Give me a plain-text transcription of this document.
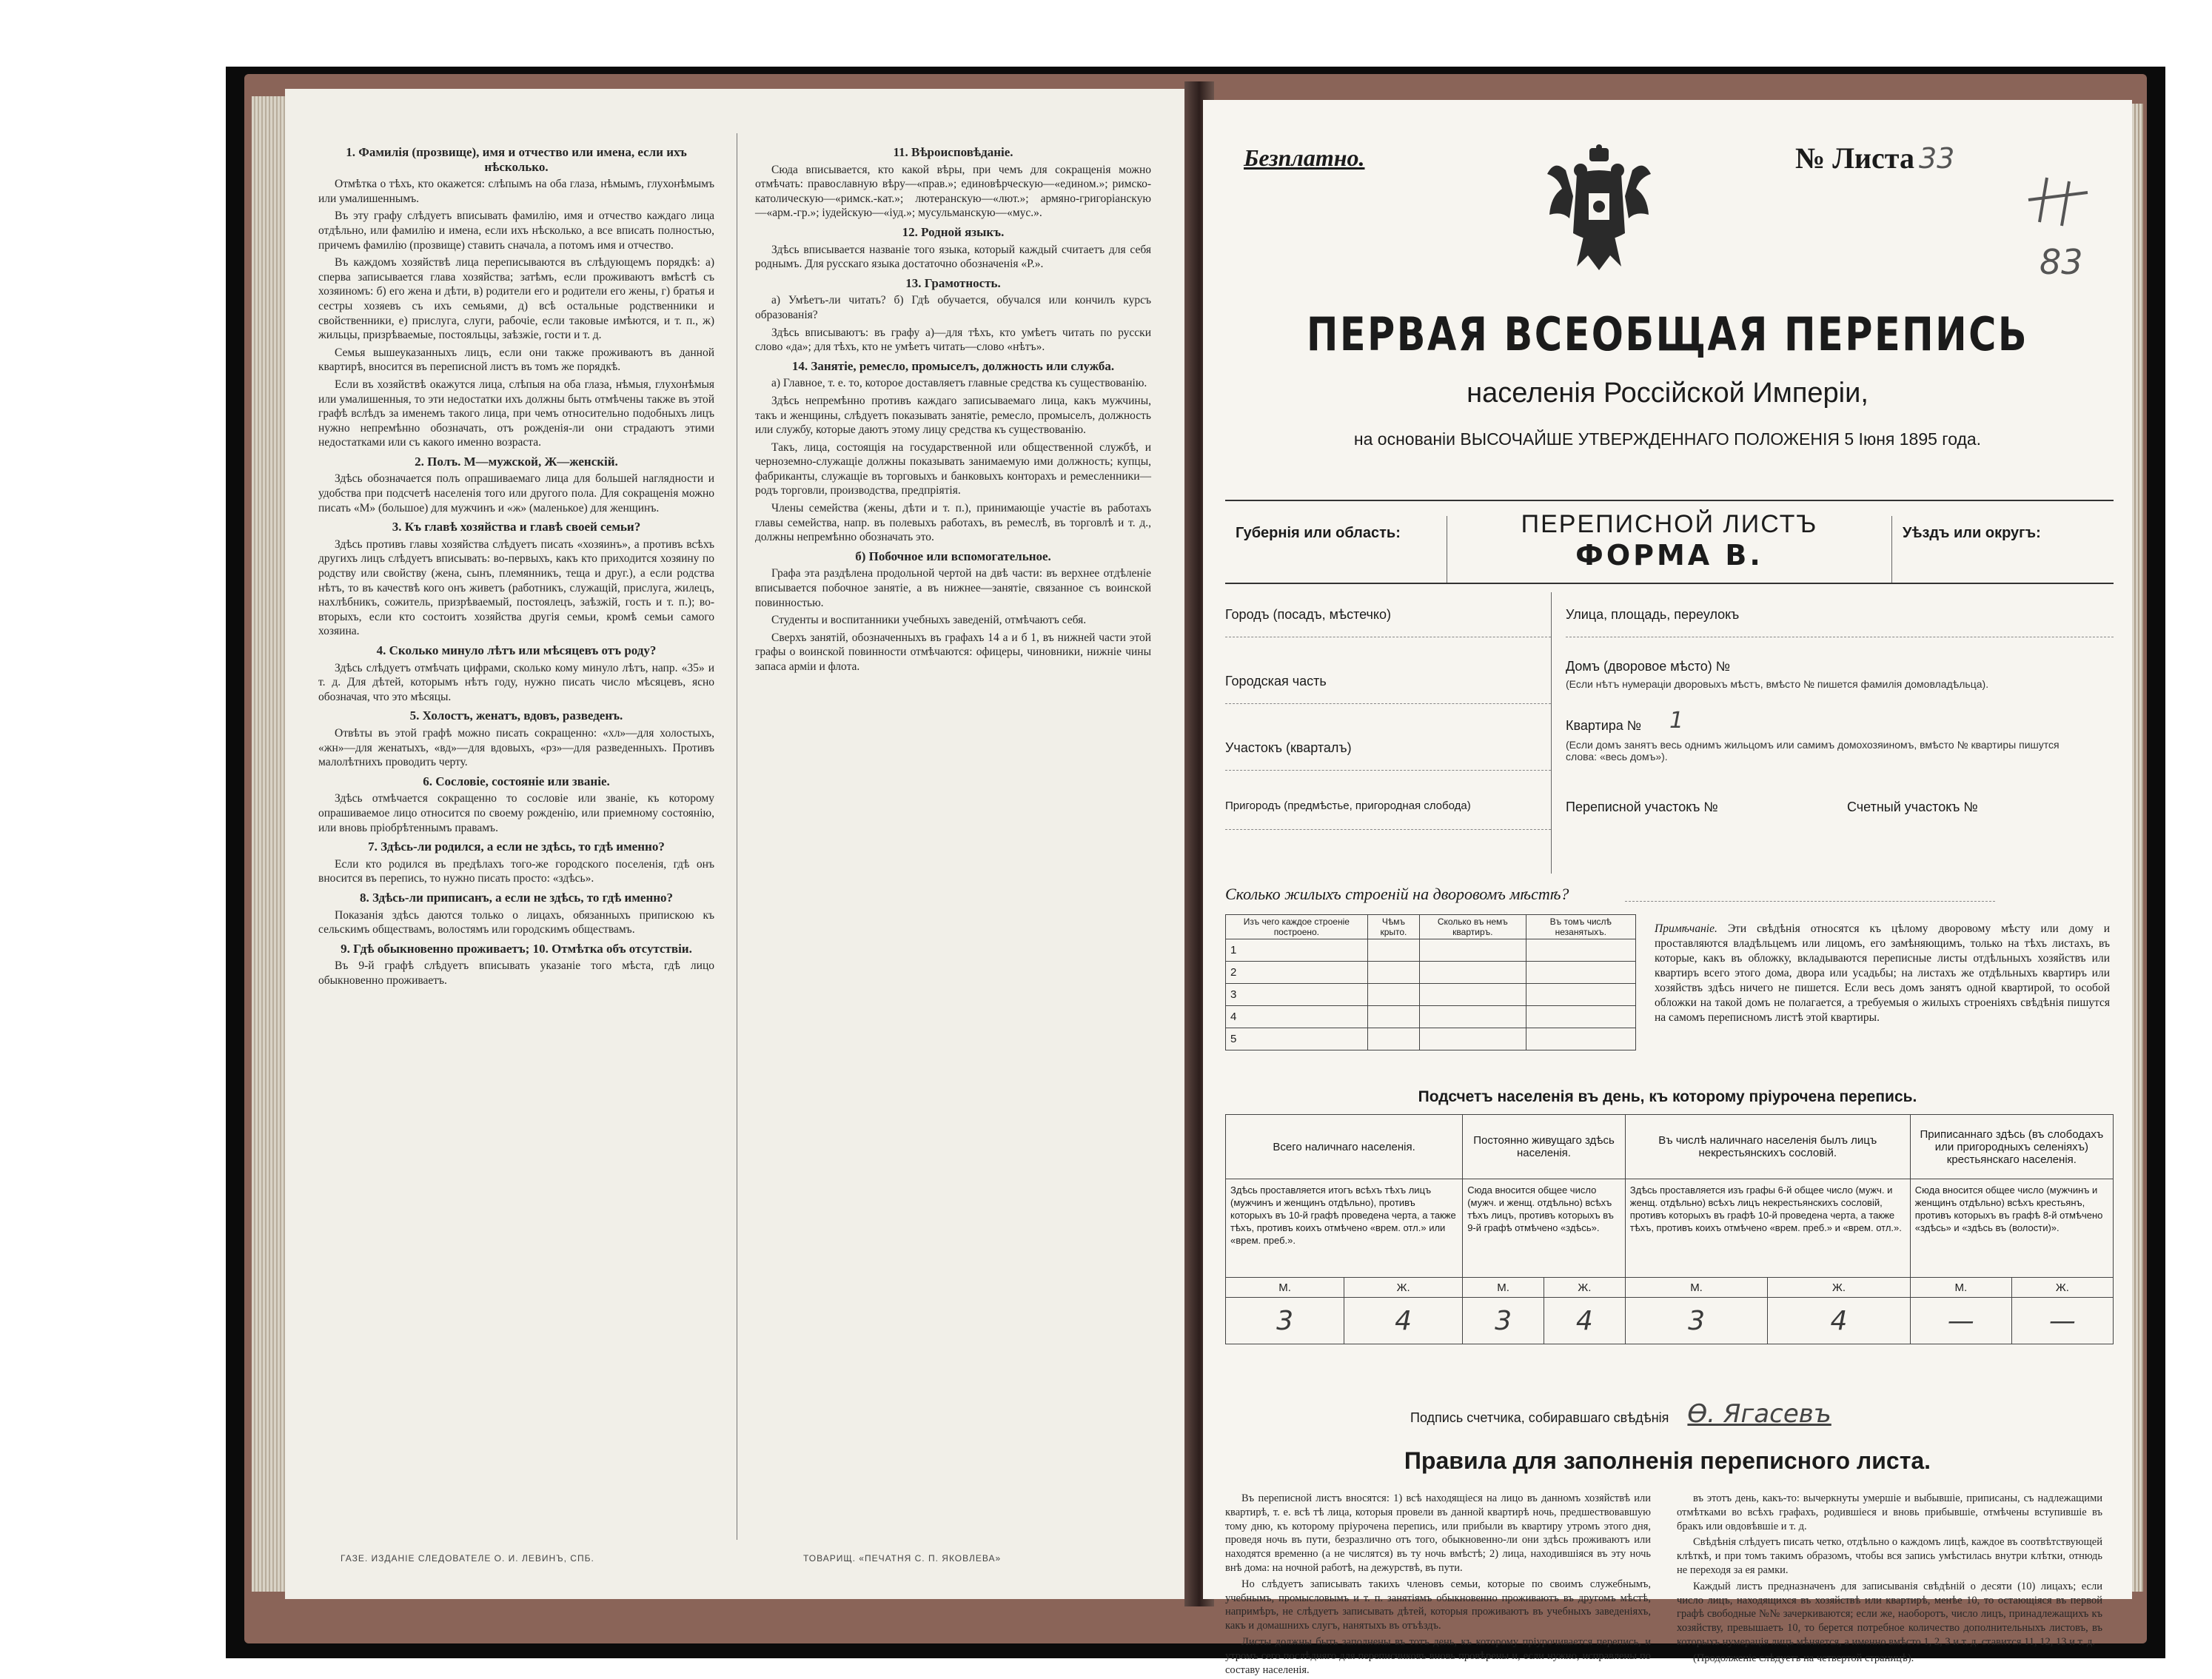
1. Фамилія (прозвище), имя и отчество или имена, если ихъ нѣсколько.

Отмѣтка о тѣхъ, кто окажется: слѣпымъ на оба глаза, нѣмымъ, глухонѣмымъ или умалишеннымъ.

Въ эту графу слѣдуетъ вписывать фамилію, имя и отчество каждаго лица отдѣльно, или фамилію и имена, если ихъ нѣсколько, а все вписать полностью, причемъ фамилію (прозвище) ставить сначала, а потомъ имя и отчество.

Въ каждомъ хозяйствѣ лица переписываются въ слѣдующемъ порядкѣ: а) сперва записывается глава хозяйства; затѣмъ, если проживаютъ вмѣстѣ съ хозяиномъ: б) его жена и дѣти, в) родители его и родители его жены, г) братья и сестры хозяевъ съ ихъ семьями, д) всѣ остальные родственники и свойственники, е) прислуга, слуги, рабочіе, если таковые имѣются, и т. п., ж) жильцы, призрѣваемые, постояльцы, заѣзжіе, гости и т. д.

Семья вышеуказанныхъ лицъ, если они также проживаютъ въ данной квартирѣ, вносится въ переписной листъ въ томъ же порядкѣ.

Если въ хозяйствѣ окажутся лица, слѣпыя на оба глаза, нѣмыя, глухонѣмыя или умалишенныя, то эти недостатки ихъ должны быть отмѣчены также въ этой графѣ вслѣдъ за именемъ такого лица, при чемъ относительно подобныхъ лицъ нужно непремѣнно обозначать, отъ рожденія-ли они страдаютъ этими недостатками или съ какого именно возраста.

2. Полъ. М—мужской, Ж—женскій.

Здѣсь обозначается полъ опрашиваемаго лица для большей наглядности и удобства при подсчетѣ населенія того или другого пола. Для сокращенія можно писать «М» (большое) для мужчинъ и «ж» (маленькое) для женщинъ.

3. Къ главѣ хозяйства и главѣ своей семьи?

Здѣсь противъ главы хозяйства слѣдуетъ писать «хозяинъ», а противъ всѣхъ другихъ лицъ слѣдуетъ вписывать: во-первыхъ, какъ кто приходится хозяину по родству или свойству (жена, сынъ, племянникъ, теща и друг.), а если родства нѣтъ, то въ качествѣ кого онъ живетъ (работникъ, служащій, прислуга, жилецъ, нахлѣбникъ, сожитель, призрѣваемый, постоялецъ, заѣзжій, гость и т. п.); во-вторыхъ, если кто состоитъ хозяйства другія семьи, кромѣ семьи самого хозяина.

4. Сколько минуло лѣтъ или мѣсяцевъ отъ роду?

Здѣсь слѣдуетъ отмѣчать цифрами, сколько кому минуло лѣтъ, напр. «35» и т. д. Для дѣтей, которымъ нѣтъ году, нужно писать число мѣсяцевъ, ясно обозначая, что это мѣсяцы.

5. Холостъ, женатъ, вдовъ, разведенъ.

Отвѣты въ этой графѣ можно писать сокращенно: «хл»—для холостыхъ, «жн»—для женатыхъ, «вд»—для вдовыхъ, «рз»—для разведенныхъ. Противъ малолѣтнихъ проводить черту.

6. Сословіе, состояніе или званіе.

Здѣсь отмѣчается сокращенно то сословіе или званіе, къ которому опрашиваемое лицо относится по своему рожденію, или приемному состоянію, или вновь пріобрѣтеннымъ правамъ.

7. Здѣсь-ли родился, а если не здѣсь, то гдѣ именно?

Если кто родился въ предѣлахъ того-же городского поселенія, гдѣ онъ вносится въ перепись, то нужно писать просто: «здѣсь».

8. Здѣсь-ли приписанъ, а если не здѣсь, то гдѣ именно?

Показанія здѣсь даются только о лицахъ, обязанныхъ припискою къ сельскимъ обществамъ, волостямъ или городскимъ обществамъ.

9. Гдѣ обыкновенно проживаетъ; 10. Отмѣтка объ отсутствіи.

Въ 9-й графѣ слѣдуетъ вписывать указаніе того мѣста, гдѣ лицо обыкновенно проживаетъ.

11. Вѣроисповѣданіе.

Сюда вписывается, кто какой вѣры, при чемъ для сокращенія можно отмѣчать: православную вѣру—«прав.»; единовѣрческую—«едином.»; римско-католическую—«римск.-кат.»; лютеранскую—«лют.»; армяно-григоріанскую—«арм.-гр.»; іудейскую—«іуд.»; мусульманскую—«мус.».

12. Родной языкъ.

Здѣсь вписывается названіе того языка, который каждый считаетъ для себя роднымъ. Для русскаго языка достаточно обозначенія «Р.».

13. Грамотность.

а) Умѣетъ-ли читать? б) Гдѣ обучается, обучался или кончилъ курсъ образованія?

Здѣсь вписываютъ: въ графу а)—для тѣхъ, кто умѣетъ читать по русски слово «да»; для тѣхъ, кто не умѣетъ читать—слово «нѣтъ».

14. Занятіе, ремесло, промыселъ, должность или служба.

а) Главное, т. е. то, которое доставляетъ главные средства къ существованію.

Здѣсь непремѣнно противъ каждаго записываемаго лица, какъ мужчины, такъ и женщины, слѣдуетъ показывать занятіе, ремесло, промыселъ, должность или службу, которые даютъ этому лицу средства къ существованію.

Такъ, лица, состоящія на государственной или общественной службѣ, и черноземно-служащіе должны показывать занимаемую ими должность; купцы, фабриканты, служащіе въ торговыхъ и банковыхъ конторахъ и ремесленники—родъ торговли, производства, предпріятія.

Члены семейства (жены, дѣти и т. п.), принимающіе участіе въ работахъ главы семейства, напр. въ полевыхъ работахъ, въ ремеслѣ, въ торговлѣ и т. д., должны непремѣнно обозначать это.

б) Побочное или вспомогательное.

Графа эта раздѣлена продольной чертой на двѣ части: въ верхнее отдѣленіе вписывается побочное занятіе, а въ нижнее—занятіе, связанное съ воинской повинностью.

Студенты и воспитанники учебныхъ заведеній, отмѣчаютъ себя.

Сверхъ занятій, обозначенныхъ въ графахъ 14 а и б 1, въ нижней части этой графы о воинской повинности отмѣчаются: офицеры, чиновники, нижніе чины запаса армiи и флота.

ГАЗЕ. ИЗДАНІЕ СЛЕДОВАТЕЛЕ О. И. ЛЕВИНЪ, СПБ.	ТОВАРИЩ. «ПЕЧАТНЯ С. П. ЯКОВЛЕВА»
Безплатно.	№ Листа 33
83
ПЕРВАЯ ВСЕОБЩАЯ ПЕРЕПИСЬ
населенія Россійской Имперіи,
на основаніи ВЫСОЧАЙШЕ УТВЕРЖДЕННАГО ПОЛОЖЕНІЯ 5 Іюня 1895 года.
Губернія или область:	ПЕРЕПИСНОЙ ЛИСТЪ
ФОРМА В.
Уѣздъ или округъ:
Городъ (посадъ, мѣстечко)
Городская часть
Участокъ (кварталъ)
Пригородъ (предмѣстье, пригородная слобода)
Улица, площадь, переулокъ
Домъ (дворовое мѣсто) №
(Если нѣтъ нумераціи дворовыхъ мѣстъ, вмѣсто № пишется фамилія домовладѣльца).
Квартира № 1
(Если домъ занятъ весь однимъ жильцомъ или самимъ домохозяиномъ, вмѣсто № квартиры пишутся слова: «весь домъ»).
Переписной участокъ №	Счетный участокъ №
Сколько жилыхъ строеній на дворовомъ мѣстѣ?
Изъ чего каждое строеніе построено.	Чѣмъ крыто.	Сколько въ немъ квартиръ.	Въ томъ числѣ незанятыхъ.
1			
2			
3			
4			
5			
Примѣчаніе. Эти свѣдѣнія относятся къ цѣлому дворовому мѣсту или дому и проставляются владѣльцемъ или лицомъ, его замѣняющимъ, только на тѣхъ листахъ, въ которые, какъ въ обложку, вкладываются переписные листы отдѣльныхъ хозяйствъ или квартиръ всего этого дома, двора или усадьбы; на листахъ же отдѣльныхъ квартиръ или хозяйствъ здѣсь ничего не пишется. Если весь домъ занятъ одной квартирой, то особой обложки на такой домъ не полагается, а требуемыя о жилыхъ строеніяхъ свѣдѣнія пишутся на самомъ переписномъ листѣ этой квартиры.
Подсчетъ населенія въ день, къ которому пріурочена перепись.
Всего наличнаго населенія.		Постоянно живущаго здѣсь населенія.		Въ числѣ наличнаго населенія былъ лицъ некрестьянскихъ сословій.		Приписаннаго здѣсь (въ слободахъ или пригородныхъ селеніяхъ) крестьянскаго населенія.	
Здѣсь проставляется итогъ всѣхъ тѣхъ лицъ (мужчинъ и женщинъ отдѣльно), противъ которыхъ въ 10-й графѣ проведена черта, а также тѣхъ, противъ коихъ отмѣчено «врем. отл.» или «врем. преб.».		Сюда вносится общее число (мужч. и женщ. отдѣльно) всѣхъ тѣхъ лицъ, противъ которыхъ въ 9-й графѣ отмѣчено «здѣсь».		Здѣсь проставляется изъ графы 6-й общее число (мужч. и женщ. отдѣльно) всѣхъ лицъ некрестьянскихъ сословій, противъ которыхъ въ графѣ 10-й проведена черта, а также тѣхъ, противъ коихъ отмѣчено «врем. преб.» и «врем. отл.».		Сюда вносится общее число (мужчинъ и женщинъ отдѣльно) всѣхъ крестьянъ, противъ которыхъ въ графѣ 8-й отмѣчено «здѣсь» и «здѣсь въ (волости)».	
М.	Ж.	М.	Ж.	М.	Ж.	М.	Ж.
3	4	3	4	3	4	—	—
Подпись счетчика, собиравшаго свѣдѣнія Ѳ. Ягасевъ
Правила для заполненія переписного листа.

Въ переписной листъ вносятся: 1) всѣ находящіеся на лицо въ данномъ хозяйствѣ или квартирѣ, т. е. всѣ тѣ лица, которыя провели въ данной квартирѣ ночь, предшествовавшую тому дню, къ которому пріурочена перепись, или прибыли въ квартиру утромъ этого дня, проведя ночь въ пути, безразлично отъ того, обыкновенно-ли они здѣсь проживаютъ или находятся временно (а не числятся) въ ту ночь вмѣстѣ; 2) лица, находившіяся въ эту ночь внѣ дома: на ночной работѣ, на дежурствѣ, въ пути.

Но слѣдуетъ записывать такихъ членовъ семьи, которые по своимъ служебнымъ, учебнымъ, промысловымъ и т. п. занятіямъ обыкновенно проживаютъ въ другомъ мѣстѣ, напримѣръ, не слѣдуетъ записывать дѣтей, которыя проживаютъ въ учебныхъ заведеніяхъ, какъ и домашнихъ слугъ, нанятыхъ въ отъѣздъ.

Листы должны быть заполнены въ тотъ день, къ которому пріурочивается перепись, и утромъ сего послѣдняго для переписчиковъ вновь провѣрены и, если нужно, исправлены по составу населенія.

въ этотъ день, какъ-то: вычеркнуты умершіе и выбывшіе, приписаны, съ надлежащими отмѣтками во всѣхъ графахъ, родившіеся и вновь прибывшіе, отмѣчены вступившіе въ бракъ или овдовѣвшіе и т. д.

Свѣдѣнія слѣдуетъ писать четко, отдѣльно о каждомъ лицѣ, каждое въ соотвѣтствующей клѣткѣ, и при томъ такимъ образомъ, чтобы вся запись умѣстилась внутри клѣтки, отнюдь не переходя за ея рамки.

Каждый листъ предназначенъ для записыванія свѣдѣній о десяти (10) лицахъ; если число лицъ, находящихся въ хозяйствѣ или квартирѣ, менѣе 10, то остающіяся въ первой графѣ свободные №№ зачеркиваются; если же, наоборотъ, число лицъ, принадлежащихъ къ хозяйству, превышаетъ 10, то берется потребное количество дополнительныхъ листовъ, въ которыхъ нумерація лицъ мѣняется, а именно вмѣсто 1, 2, 3 и т. д. ставится 11, 12, 13 и т. д.

(Продолженіе слѣдуетъ на четвертой страницѣ).
